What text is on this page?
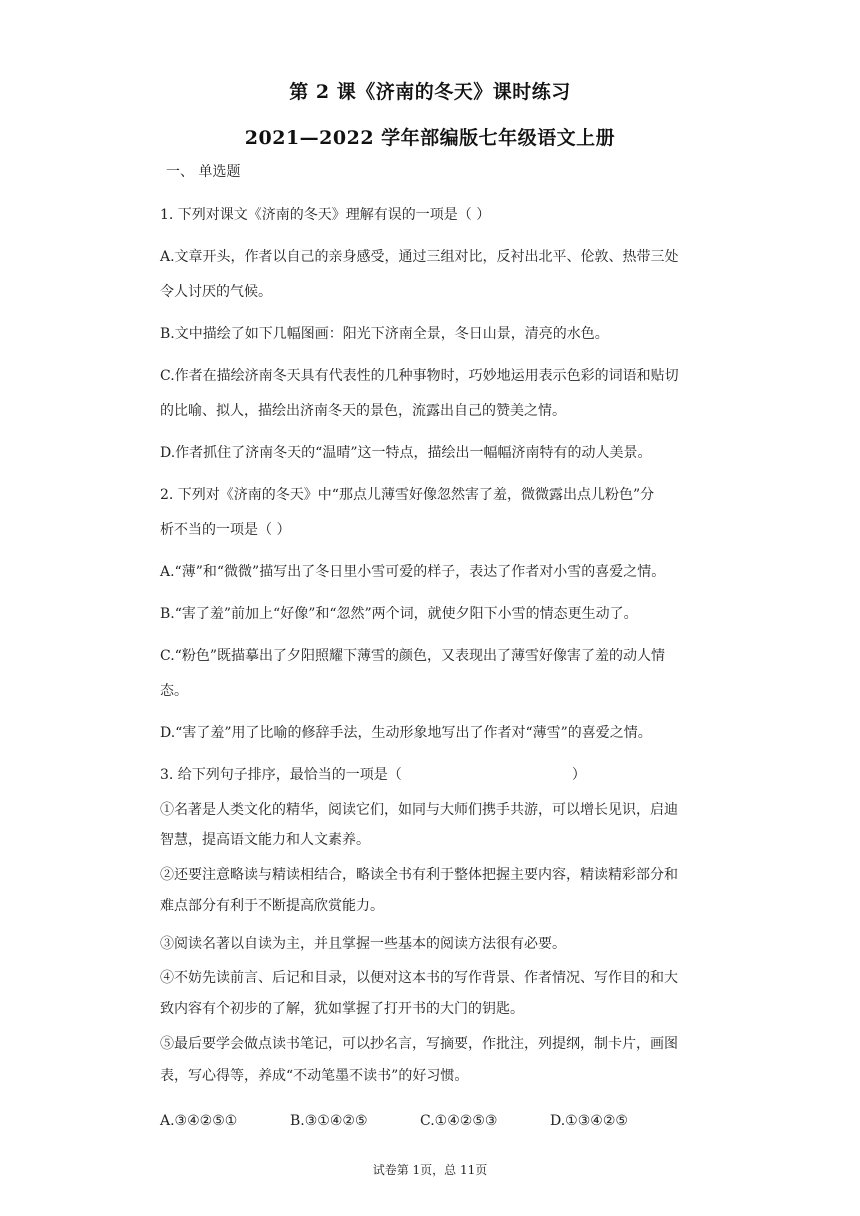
第 2 课《济南的冬天》课时练习
2021—2022 学年部编版七年级语文上册
一、 单选题
1. 下列对课文《济南的冬天》理解有误的一项是（ ）
A.文章开头，作者以自己的亲身感受，通过三组对比，反衬出北平、伦敦、热带三处
令人讨厌的气候。
B.文中描绘了如下几幅图画：阳光下济南全景，冬日山景，清亮的水色。
C.作者在描绘济南冬天具有代表性的几种事物时，巧妙地运用表示色彩的词语和贴切
的比喻、拟人，描绘出济南冬天的景色，流露出自己的赞美之情。
D.作者抓住了济南冬天的“温晴”这一特点，描绘出一幅幅济南特有的动人美景。
2. 下列对《济南的冬天》中“那点儿薄雪好像忽然害了羞，微微露出点儿粉色”分
析不当的一项是（ ）
A.“薄”和“微微”描写出了冬日里小雪可爱的样子，表达了作者对小雪的喜爱之情。
B.“害了羞”前加上“好像”和“忽然”两个词，就使夕阳下小雪的情态更生动了。
C.“粉色”既描摹出了夕阳照耀下薄雪的颜色，又表现出了薄雪好像害了羞的动人情
态。
D.“害了羞”用了比喻的修辞手法，生动形象地写出了作者对“薄雪”的喜爱之情。
3. 给下列句子排序，最恰当的一项是（	）
①名著是人类文化的精华，阅读它们，如同与大师们携手共游，可以增长见识，启迪
智慧，提高语文能力和人文素养。
②还要注意略读与精读相结合，略读全书有利于整体把握主要内容，精读精彩部分和
难点部分有利于不断提高欣赏能力。
③阅读名著以自读为主，并且掌握一些基本的阅读方法很有必要。
④不妨先读前言、后记和目录，以便对这本书的写作背景、作者情况、写作目的和大
致内容有个初步的了解，犹如掌握了打开书的大门的钥匙。
⑤最后要学会做点读书笔记，可以抄名言，写摘要，作批注，列提纲，制卡片，画图
表，写心得等，养成“不动笔墨不读书”的好习惯。
A.③④②⑤①	B.③①④②⑤	C.①④②⑤③	D.①③④②⑤
试卷第 1页，总 11页
